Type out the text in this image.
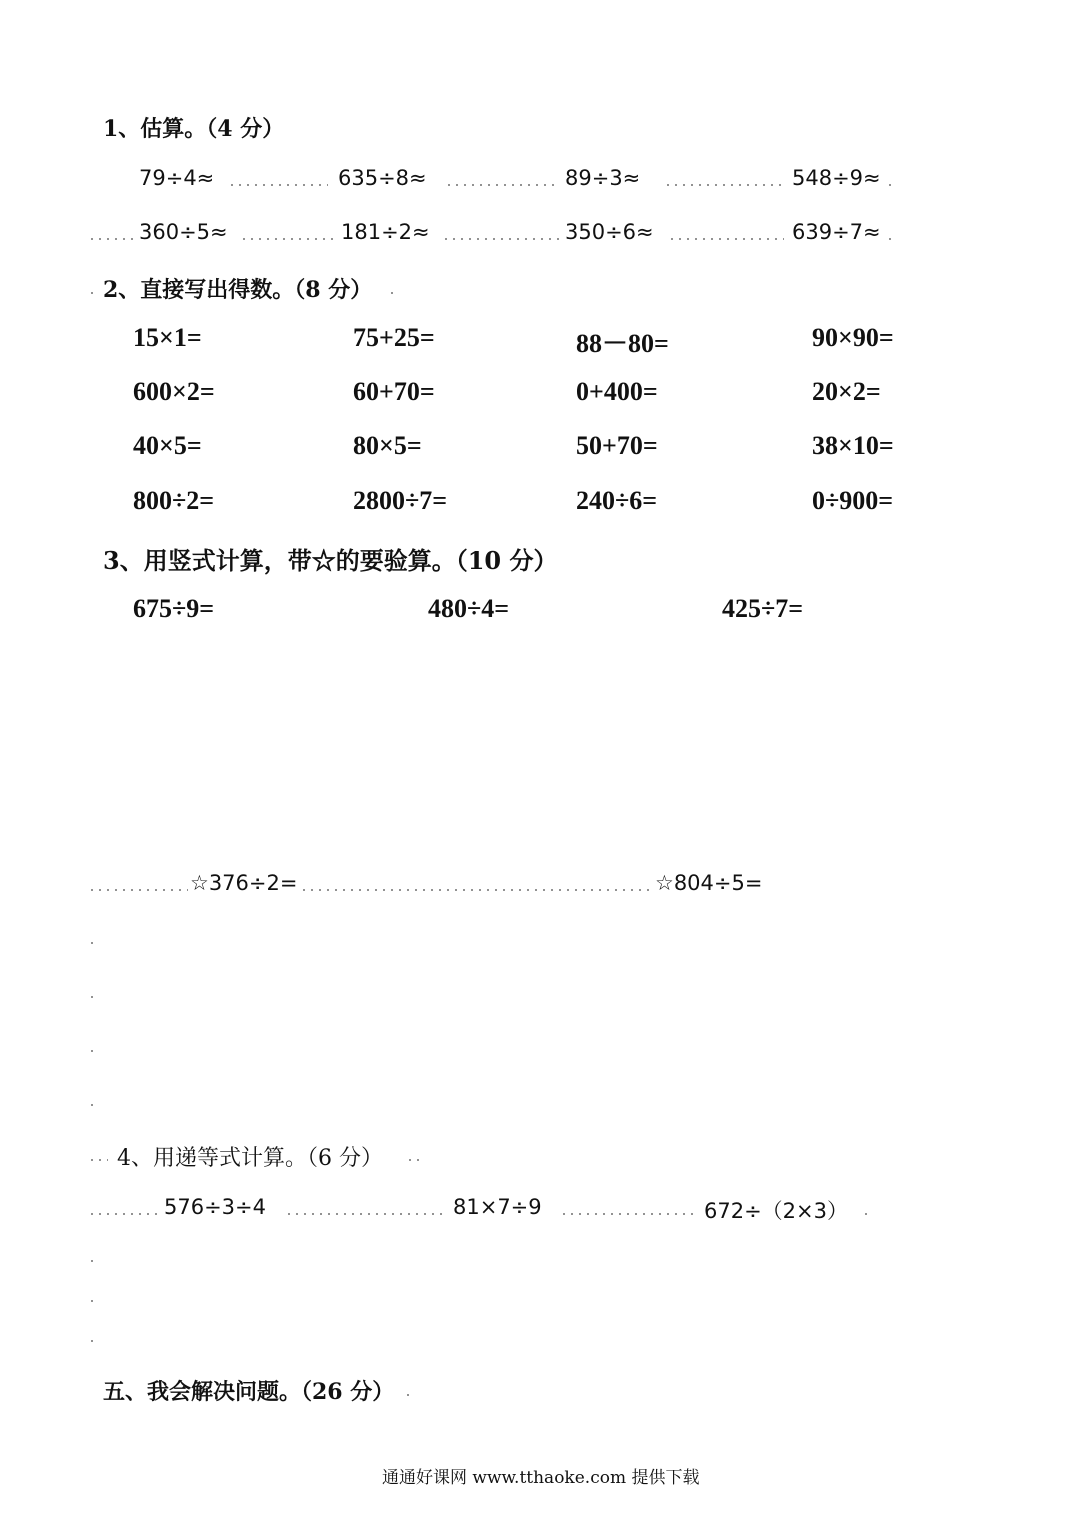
1、估算。（4 分）
79÷4≈	635÷8≈	89÷3≈	548÷9≈
360÷5≈	181÷2≈	350÷6≈	639÷7≈
2、直接写出得数。（8 分）
15×1=	75+25=	88－80=	90×90=
600×2=	60+70=	0+400=	20×2=
40×5=	80×5=	50+70=	38×10=
800÷2=	2800÷7=	240÷6=	0÷900=
3、用竖式计算，带☆的要验算。（10 分）
675÷9=	480÷4=	425÷7=
☆376÷2=	☆804÷5=
4、用递等式计算。（6 分）
576÷3÷4	81×7÷9	672÷（2×3）
五、我会解决问题。（26 分）
通通好课网 www.tthaoke.com 提供下载
